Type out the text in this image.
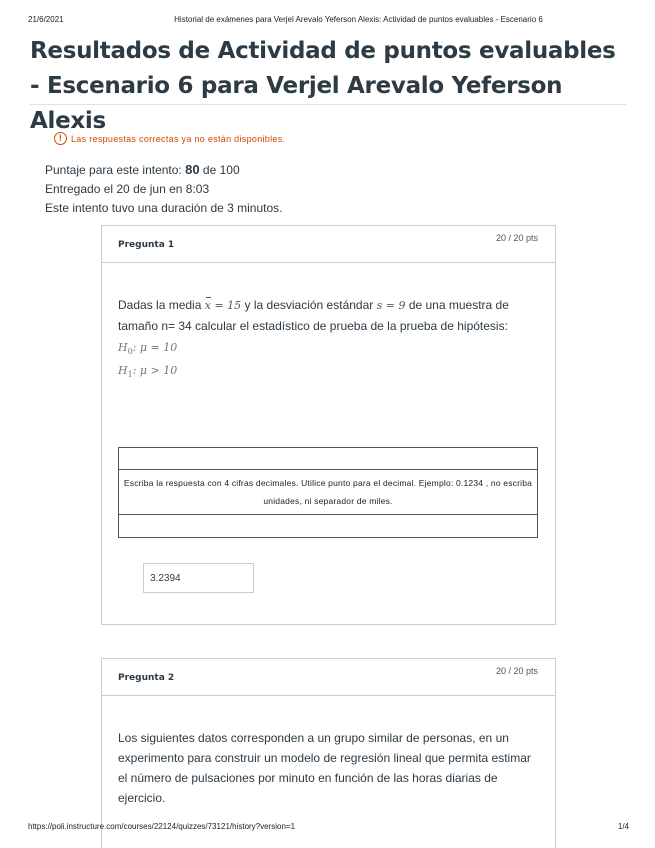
21/6/2021	Historial de exámenes para Verjel Arevalo Yeferson Alexis: Actividad de puntos evaluables - Escenario 6
Resultados de Actividad de puntos evaluables - Escenario 6 para Verjel Arevalo Yeferson Alexis
! Las respuestas correctas ya no están disponibles.
Puntaje para este intento: 80 de 100
Entregado el 20 de jun en 8:03
Este intento tuvo una duración de 3 minutos.
Pregunta 1
20 / 20 pts
Dadas la media x = 15 y la desviación estándar s = 9 de una muestra de tamaño n= 34 calcular el estadístico de prueba de la prueba de hipótesis:
$H_0$: μ = 10
$H_1$: μ > 10
Escriba la respuesta con 4 cifras decimales. Utilice punto para el decimal. Ejemplo: 0.1234 , no escriba unidades, ni separador de miles.
3.2394
Pregunta 2
20 / 20 pts
Los siguientes datos corresponden a un grupo similar de personas, en un experimento para construir un modelo de regresión lineal que permita estimar el número de pulsaciones por minuto en función de las horas diarias de ejercicio.
https://poli.instructure.com/courses/22124/quizzes/73121/history?version=1	1/4
